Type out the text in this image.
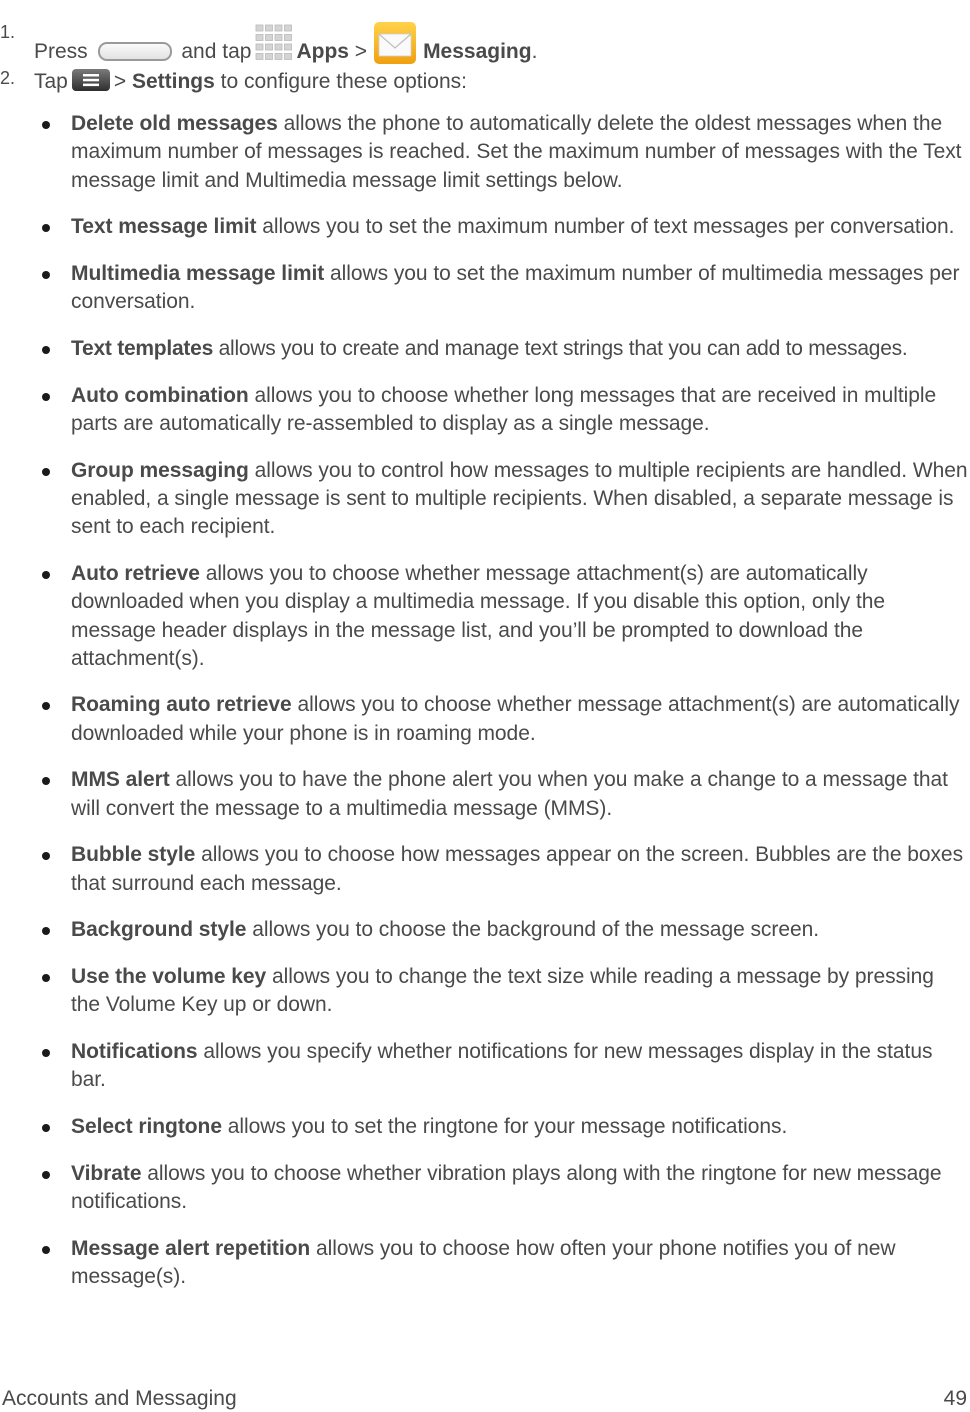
1.
Press	and tap Apps >	Messaging.
2. Tap > Settings to configure these options:
Delete old messages allows the phone to automatically delete the oldest messages when the maximum number of messages is reached. Set the maximum number of messages with the Text message limit and Multimedia message limit settings below.
Text message limit allows you to set the maximum number of text messages per conversation.
Multimedia message limit allows you to set the maximum number of multimedia messages per conversation.
Text templates allows you to create and manage text strings that you can add to messages.
Auto combination allows you to choose whether long messages that are received in multiple parts are automatically re-assembled to display as a single message.
Group messaging allows you to control how messages to multiple recipients are handled. When enabled, a single message is sent to multiple recipients. When disabled, a separate message is sent to each recipient.
Auto retrieve allows you to choose whether message attachment(s) are automatically downloaded when you display a multimedia message. If you disable this option, only the message header displays in the message list, and you’ll be prompted to download the attachment(s).
Roaming auto retrieve allows you to choose whether message attachment(s) are automatically downloaded while your phone is in roaming mode.
MMS alert allows you to have the phone alert you when you make a change to a message that will convert the message to a multimedia message (MMS).
Bubble style allows you to choose how messages appear on the screen. Bubbles are the boxes that surround each message.
Background style allows you to choose the background of the message screen.
Use the volume key allows you to change the text size while reading a message by pressing the Volume Key up or down.
Notifications allows you specify whether notifications for new messages display in the status bar.
Select ringtone allows you to set the ringtone for your message notifications.
Vibrate allows you to choose whether vibration plays along with the ringtone for new message notifications.
Message alert repetition allows you to choose how often your phone notifies you of new message(s).
Accounts and Messaging	49
